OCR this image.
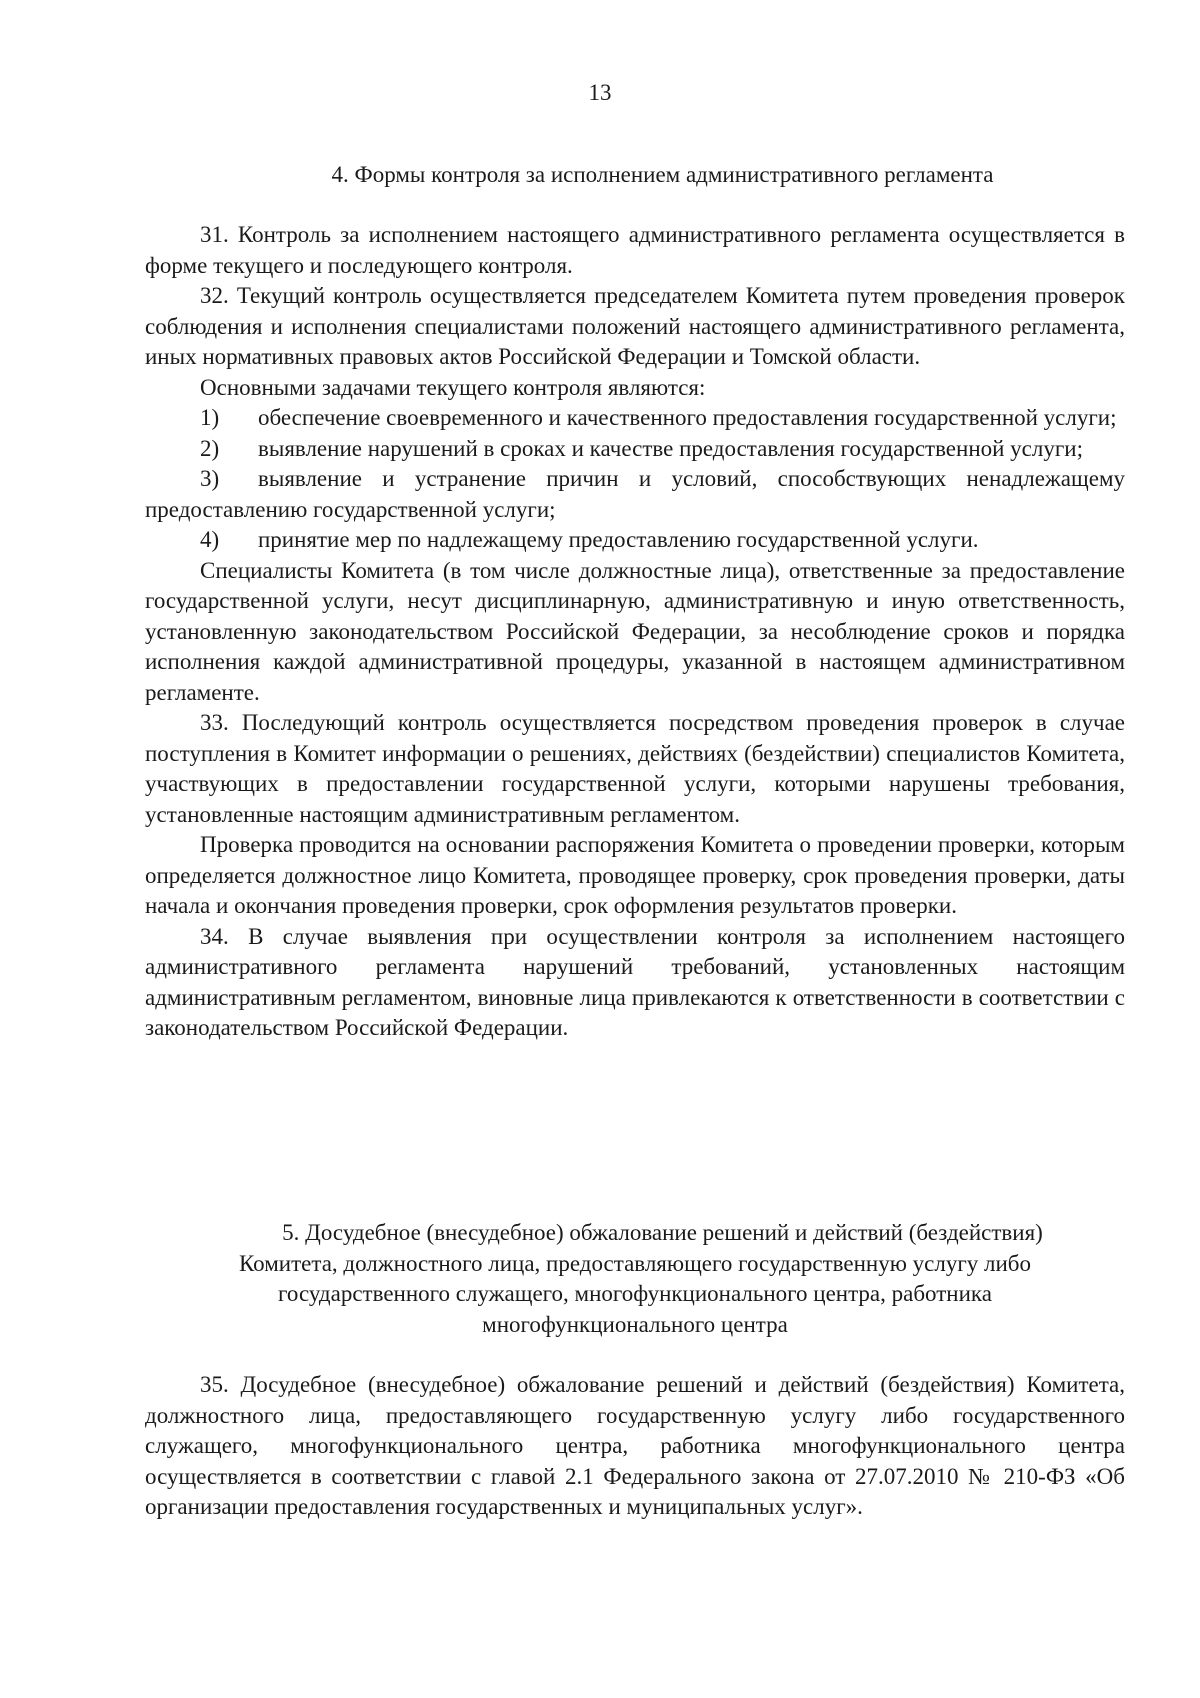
13

4. Формы контроля за исполнением административного регламента

31. Контроль за исполнением настоящего административного регламента осуществляется в форме текущего и последующего контроля.

32. Текущий контроль осуществляется председателем Комитета путем проведения проверок соблюдения и исполнения специалистами положений настоящего административного регламента, иных нормативных правовых актов Российской Федерации и Томской области.

Основными задачами текущего контроля являются:

1) обеспечение своевременного и качественного предоставления государственной услуги;

2) выявление нарушений в сроках и качестве предоставления государственной услуги;

3) выявление и устранение причин и условий, способствующих ненадлежащему предоставлению государственной услуги;

4) принятие мер по надлежащему предоставлению государственной услуги.

Специалисты Комитета (в том числе должностные лица), ответственные за предоставление государственной услуги, несут дисциплинарную, административную и иную ответственность, установленную законодательством Российской Федерации, за несоблюдение сроков и порядка исполнения каждой административной процедуры, указанной в настоящем административном регламенте.

33. Последующий контроль осуществляется посредством проведения проверок в случае поступления в Комитет информации о решениях, действиях (бездействии) специалистов Комитета, участвующих в предоставлении государственной услуги, которыми нарушены требования, установленные настоящим административным регламентом.

Проверка проводится на основании распоряжения Комитета о проведении проверки, которым определяется должностное лицо Комитета, проводящее проверку, срок проведения проверки, даты начала и окончания проведения проверки, срок оформления результатов проверки.

34. В случае выявления при осуществлении контроля за исполнением настоящего административного регламента нарушений требований, установленных настоящим административным регламентом, виновные лица привлекаются к ответственности в соответствии с законодательством Российской Федерации.

5. Досудебное (внесудебное) обжалование решений и действий (бездействия)
Комитета, должностного лица, предоставляющего государственную услугу либо
государственного служащего, многофункционального центра, работника
многофункционального центра

35. Досудебное (внесудебное) обжалование решений и действий (бездействия) Комитета, должностного лица, предоставляющего государственную услугу либо государственного служащего, многофункционального центра, работника многофункционального центра осуществляется в соответствии с главой 2.1 Федерального закона от 27.07.2010 № 210-ФЗ «Об организации предоставления государственных и муниципальных услуг».
